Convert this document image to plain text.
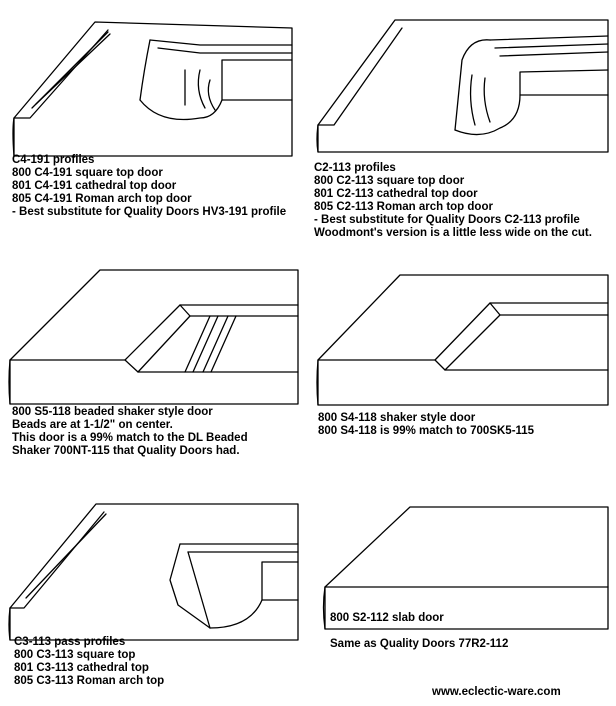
C4-191 profiles
800 C4-191 square top door
801 C4-191 cathedral top door
805 C4-191 Roman arch top door
- Best substitute for Quality Doors HV3-191 profile
C2-113 profiles
800 C2-113 square top door
801 C2-113 cathedral top door
805 C2-113 Roman arch top door
- Best substitute for Quality Doors C2-113 profile
Woodmont's version is a little less wide on the cut.
800 S5-118 beaded shaker style door
Beads are at 1-1/2" on center.
This door is a 99% match to the DL Beaded
Shaker 700NT-115 that Quality Doors had.
800 S4-118 shaker style door
800 S4-118 is 99% match to 700SK5-115
C3-113 pass profiles
800 C3-113 square top
801 C3-113 cathedral top
805 C3-113 Roman arch top
800 S2-112 slab door
Same as Quality Doors 77R2-112
www.eclectic-ware.com
